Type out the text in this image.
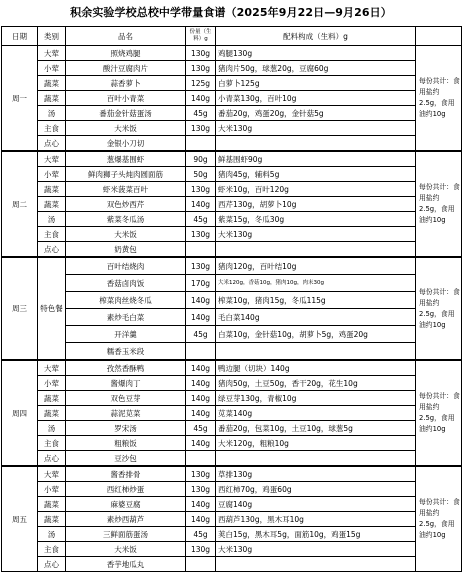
积余实验学校总校中学带量食谱（2025年9月22日—9月26日）
日期	类别	品名	份量（生料）g	配料构成（生料）g	
周一	大荤	照烧鸡腿	130g	鸡腿130g	每份共计：食用盐约2.5g，食用油约10g
	小荤	酸汁豆腐肉片	130g	猪肉片50g，球葱20g，豆腐60g	
	蔬菜	蒜香萝卜	125g	白萝卜125g	
	蔬菜	百叶小青菜	140g	小青菜130g，百叶10g	
	汤	番茄金针菇蛋汤	45g	番茄20g，鸡蛋20g，金针菇5g	
	主食	大米饭	130g	大米130g	
	点心	金银小刀切			
周二	大荤	葱爆基围虾	90g	鲜基围虾90g	每份共计：食用盐约2.5g，食用油约10g
	小荤	鲜肉狮子头炖肉圆面筋	50g	猪肉45g，辅料5g	
	蔬菜	虾米菠菜百叶	130g	虾米10g，百叶120g	
	蔬菜	双色炒西芹	140g	西芹130g，胡萝卜10g	
	汤	紫菜冬瓜汤	45g	紫菜15g，冬瓜30g	
	主食	大米饭	130g	大米130g	
	点心	奶黄包			
周三	特色餐	百叶结烧肉	130g	猪肉120g，百叶结10g	每份共计：食用盐约2.5g，食用油约10g
		香菇卤肉饭	170g	大米120g，香菇10g，猪肉10g，肉末30g	
		榨菜肉丝烧冬瓜	140g	榨菜10g，猪肉15g，冬瓜115g	
		素炒毛白菜	140g	毛白菜140g	
		开洋羹	45g	白菜10g，金针菇10g，胡萝卜5g，鸡蛋20g	
		糯香玉米段			
周四	大荤	孜然香酥鸭	140g	鸭边腿（切块）140g	每份共计：食用盐约2.5g，食用油约10g
	小荤	酱爆肉丁	140g	猪肉50g，土豆50g，香干20g，花生10g	
	蔬菜	双色豆芽	140g	绿豆芽130g，青椒10g	
	蔬菜	蒜泥苋菜	140g	苋菜140g	
	汤	罗宋汤	45g	番茄20g，包菜10g，土豆10g，球葱5g	
	主食	粗粮饭	140g	大米120g，粗粮10g	
	点心	豆沙包			
周五	大荤	酱香排骨	130g	草排130g	每份共计：食用盐约2.5g，食用油约10g
	小荤	西红柿炒蛋	130g	西红柿70g，鸡蛋60g	
	蔬菜	麻婆豆腐	140g	豆腐140g	
	蔬菜	素炒西葫芦	140g	西葫芦130g，黑木耳10g	
	汤	三鲜面筋蛋汤	45g	荚白15g，黑木耳5g，面筋10g，鸡蛋15g	
	主食	大米饭	130g	大米130g	
	点心	香芋地瓜丸			
